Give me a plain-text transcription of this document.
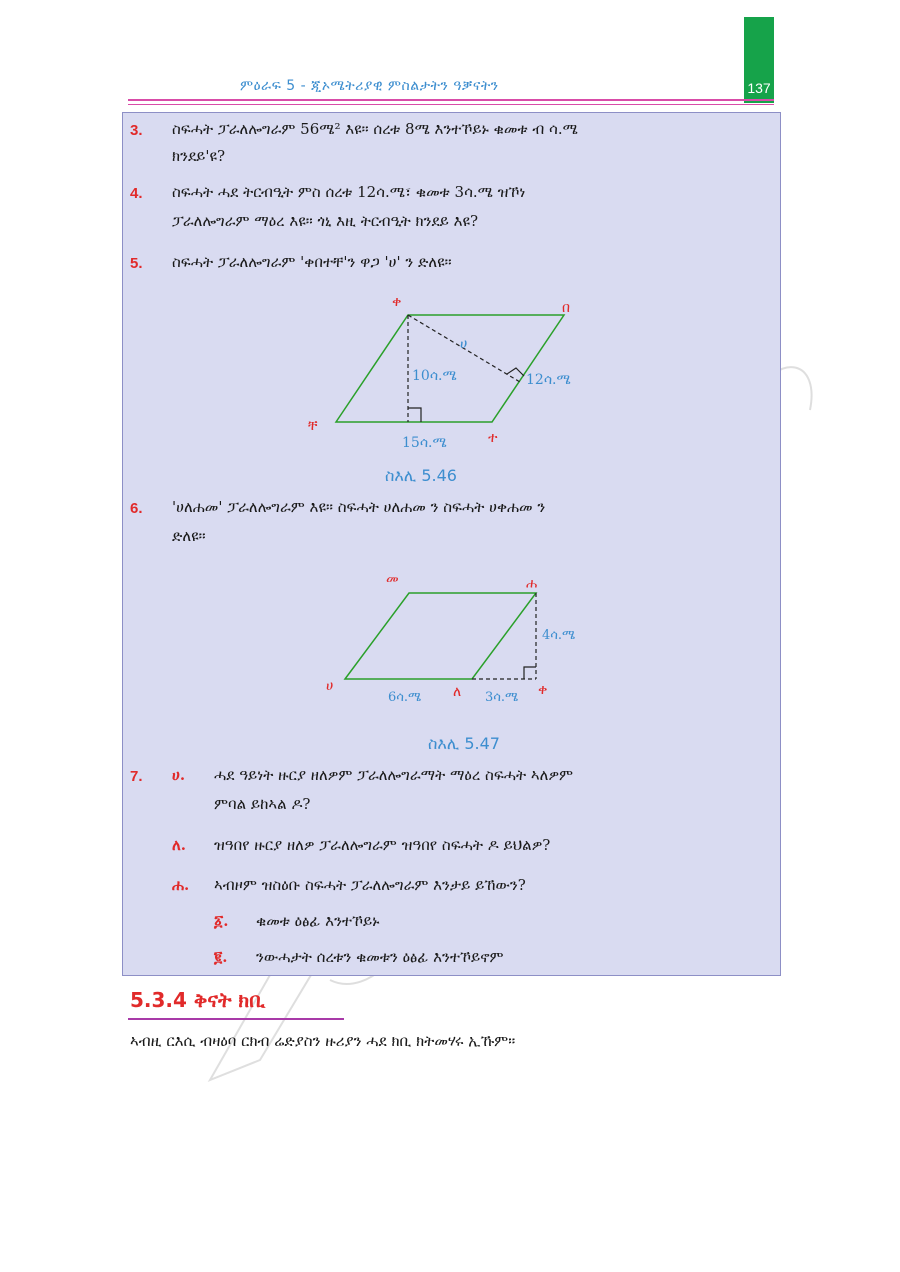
137
ምዕራፍ 5 - ጂኦሜትሪያዊ ምስልታትን ዓቓናትን
3. ስፍሓት ፓራለሎግራም 56ሜ² እዩ። ሰረቱ 8ሜ እንተኾይኑ ቁመቱ ብ ሳ.ሜ
ክንደይ'ዩ?
4. ስፍሓት ሓደ ትርብዒት ምስ ሰረቱ 12ሳ.ሜ፣ ቁመቱ 3ሳ.ሜ ዝኾነ
ፓራለሎግራም ማዕረ እዩ። ጎኒ እዚ ትርብዒት ክንደይ እዩ?
5. ስፍሓት ፓራለሎግራም 'ቀበተቸ'ን ዋጋ 'ሀ' ን ድለዩ።
ቀ	በ
ቸ
ተ
ሀ
10ሳ.ሜ	12ሳ.ሜ
15ሳ.ሜ
ስእሊ 5.46
6. 'ሀለሐመ' ፓራለሎግራም እዩ። ስፍሓት ሀለሐመ ን ስፍሓት ሀቀሐመ ን
ድለዩ።
መ	ሐ
ሀ	ለ	ቀ
4ሳ.ሜ
6ሳ.ሜ	3ሳ.ሜ
ስእሊ 5.47
7. ሀ. ሓደ ዓይነት ዙርያ ዘለዎም ፓራለሎግራማት ማዕረ ስፍሓት ኣለዎም
ምባል ይከኣል ዶ?
ለ. ዝዓበየ ዙርያ ዘለዎ ፓራለሎግራም ዝዓበየ ስፍሓት ዶ ይህልዎ?
ሐ. ኣብዞም ዝስዕቡ ስፍሓት ፓራለሎግራም እንታይ ይኸውን?
፩. ቁመቱ ዕፅፊ እንተኾይኑ
፪. ንውሓታት ሰረቱን ቁመቱን ዕፅፊ እንተኾይኖም
5.3.4 ቅናት ክቢ
ኣብዚ ርእሲ ብዛዕባ ርክብ ሬድያስን ዙሪያን ሓደ ክቢ ክትመሃሩ ኢኹም።
